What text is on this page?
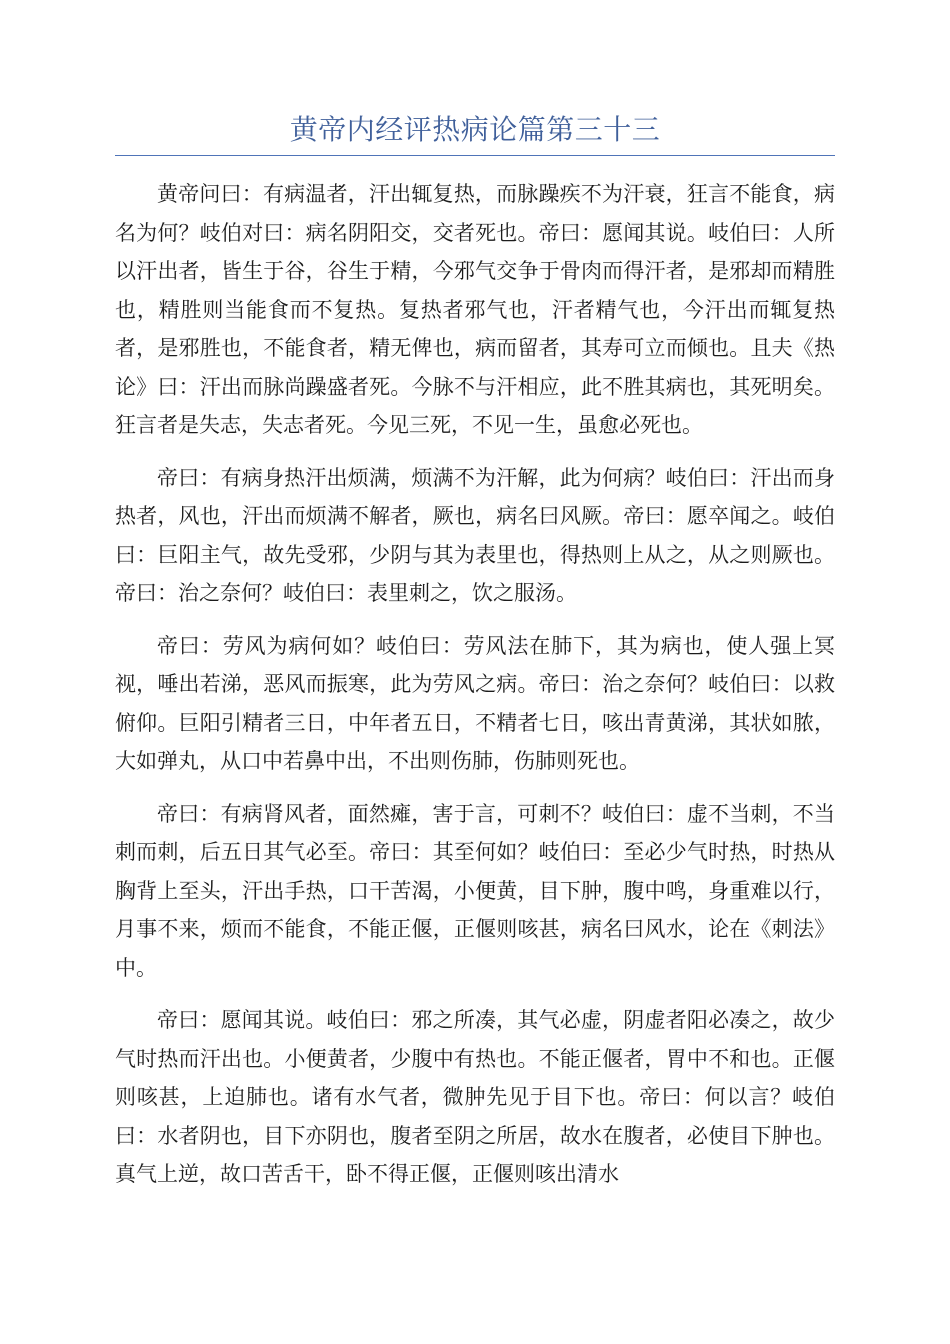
黄帝内经评热病论篇第三十三

黄帝问曰：有病温者，汗出辄复热，而脉躁疾不为汗衰，狂言不能食，病名为何？岐伯对曰：病名阴阳交，交者死也。帝曰：愿闻其说。岐伯曰：人所以汗出者，皆生于谷，谷生于精，今邪气交争于骨肉而得汗者，是邪却而精胜也，精胜则当能食而不复热。复热者邪气也，汗者精气也，今汗出而辄复热者，是邪胜也，不能食者，精无俾也，病而留者，其寿可立而倾也。且夫《热论》曰：汗出而脉尚躁盛者死。今脉不与汗相应，此不胜其病也，其死明矣。狂言者是失志，失志者死。今见三死，不见一生，虽愈必死也。

帝曰：有病身热汗出烦满，烦满不为汗解，此为何病？岐伯曰：汗出而身热者，风也，汗出而烦满不解者，厥也，病名曰风厥。帝曰：愿卒闻之。岐伯曰：巨阳主气，故先受邪，少阴与其为表里也，得热则上从之，从之则厥也。帝曰：治之奈何？岐伯曰：表里刺之，饮之服汤。

帝曰：劳风为病何如？岐伯曰：劳风法在肺下，其为病也，使人强上冥视，唾出若涕，恶风而振寒，此为劳风之病。帝曰：治之奈何？岐伯曰：以救俯仰。巨阳引精者三日，中年者五日，不精者七日，咳出青黄涕，其状如脓，大如弹丸，从口中若鼻中出，不出则伤肺，伤肺则死也。

帝曰：有病肾风者，面然瘫，害于言，可刺不？岐伯曰：虚不当刺，不当刺而刺，后五日其气必至。帝曰：其至何如？岐伯曰：至必少气时热，时热从胸背上至头，汗出手热，口干苦渴，小便黄，目下肿，腹中鸣，身重难以行，月事不来，烦而不能食，不能正偃，正偃则咳甚，病名曰风水，论在《刺法》中。

帝曰：愿闻其说。岐伯曰：邪之所凑，其气必虚，阴虚者阳必凑之，故少气时热而汗出也。小便黄者，少腹中有热也。不能正偃者，胃中不和也。正偃则咳甚，上迫肺也。诸有水气者，微肿先见于目下也。帝曰：何以言？岐伯曰：水者阴也，目下亦阴也，腹者至阴之所居，故水在腹者，必使目下肿也。真气上逆，故口苦舌干，卧不得正偃，正偃则咳出清水
